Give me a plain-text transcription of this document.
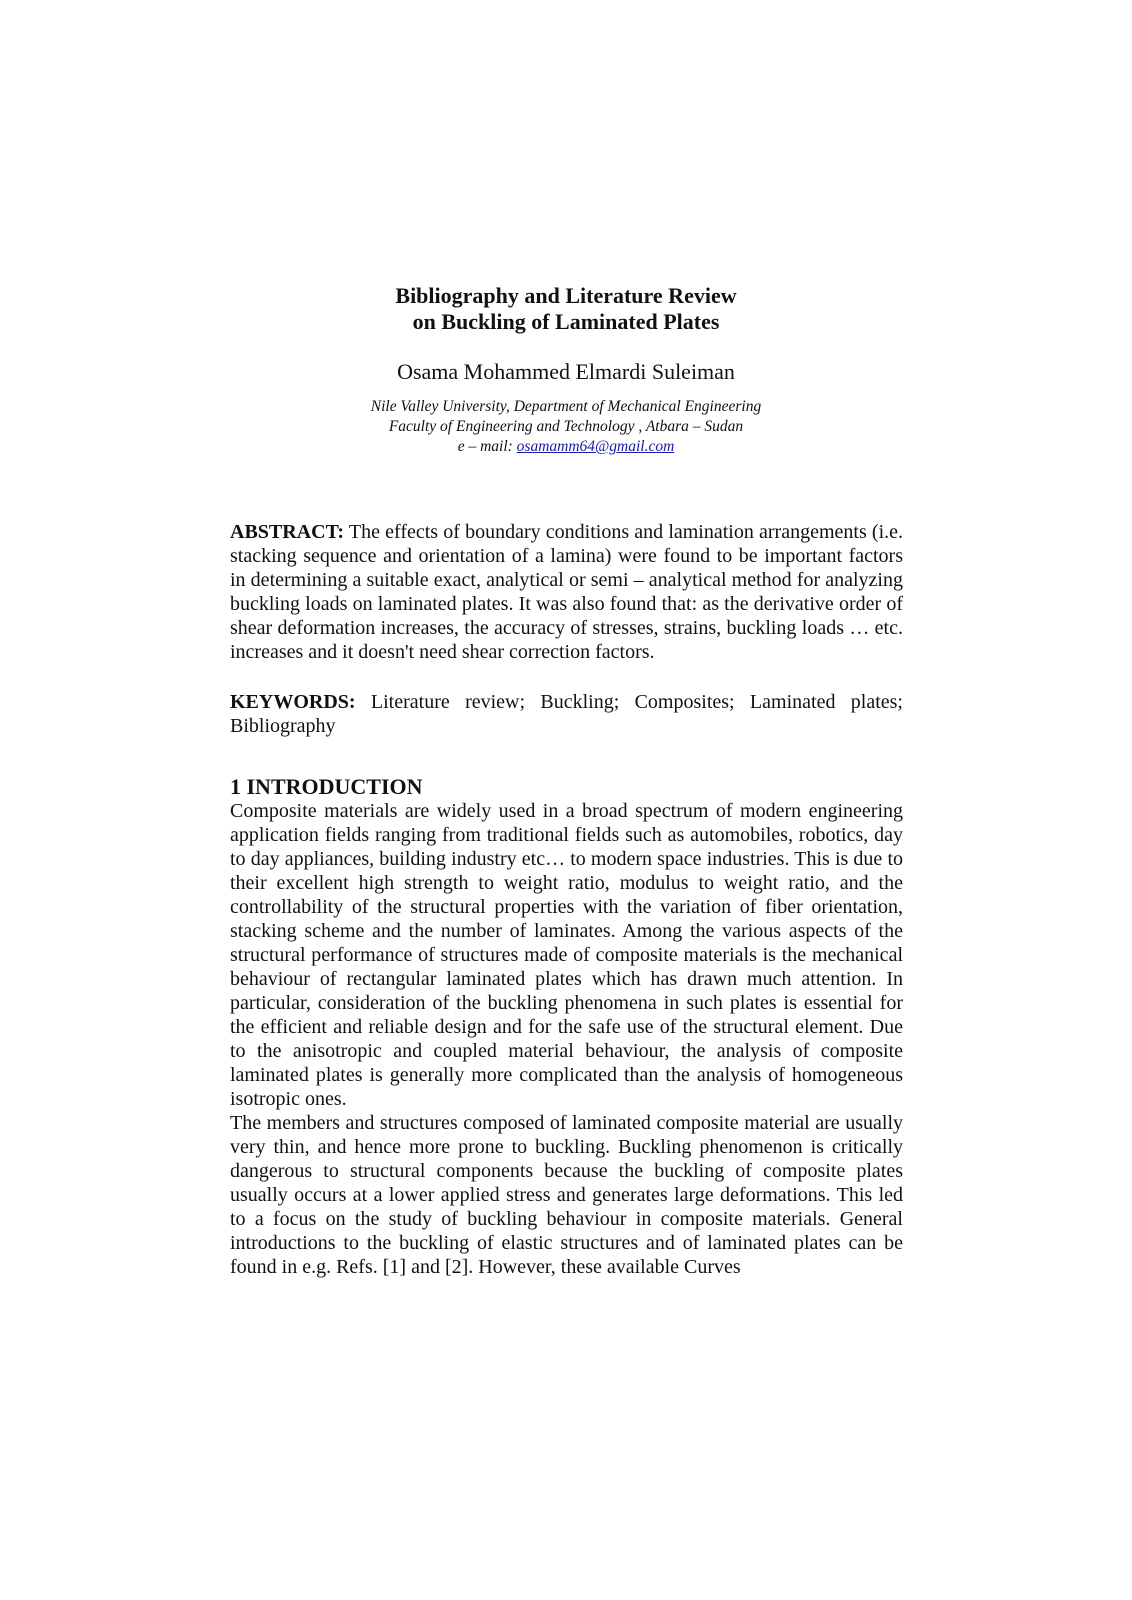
Bibliography and Literature Review
on Buckling of Laminated Plates
Osama Mohammed Elmardi Suleiman
Nile Valley University, Department of Mechanical Engineering
Faculty of Engineering and Technology , Atbara – Sudan
e – mail: osamamm64@gmail.com

ABSTRACT: The effects of boundary conditions and lamination arrangements (i.e. stacking sequence and orientation of a lamina) were found to be important factors in determining a suitable exact, analytical or semi – analytical method for analyzing buckling loads on laminated plates. It was also found that: as the derivative order of shear deformation increases, the accuracy of stresses, strains, buckling loads … etc. increases and it doesn't need shear correction factors.

KEYWORDS: Literature review; Buckling; Composites; Laminated plates; Bibliography

1 INTRODUCTION

Composite materials are widely used in a broad spectrum of modern engineering application fields ranging from traditional fields such as automobiles, robotics, day to day appliances, building industry etc… to modern space industries. This is due to their excellent high strength to weight ratio, modulus to weight ratio, and the controllability of the structural properties with the variation of fiber orientation, stacking scheme and the number of laminates. Among the various aspects of the structural performance of structures made of composite materials is the mechanical behaviour of rectangular laminated plates which has drawn much attention. In particular, consideration of the buckling phenomena in such plates is essential for the efficient and reliable design and for the safe use of the structural element. Due to the anisotropic and coupled material behaviour, the analysis of composite laminated plates is generally more complicated than the analysis of homogeneous isotropic ones.

The members and structures composed of laminated composite material are usually very thin, and hence more prone to buckling. Buckling phenomenon is critically dangerous to structural components because the buckling of composite plates usually occurs at a lower applied stress and generates large deformations. This led to a focus on the study of buckling behaviour in composite materials. General introductions to the buckling of elastic structures and of laminated plates can be found in e.g. Refs. [1] and [2]. However, these available Curves
